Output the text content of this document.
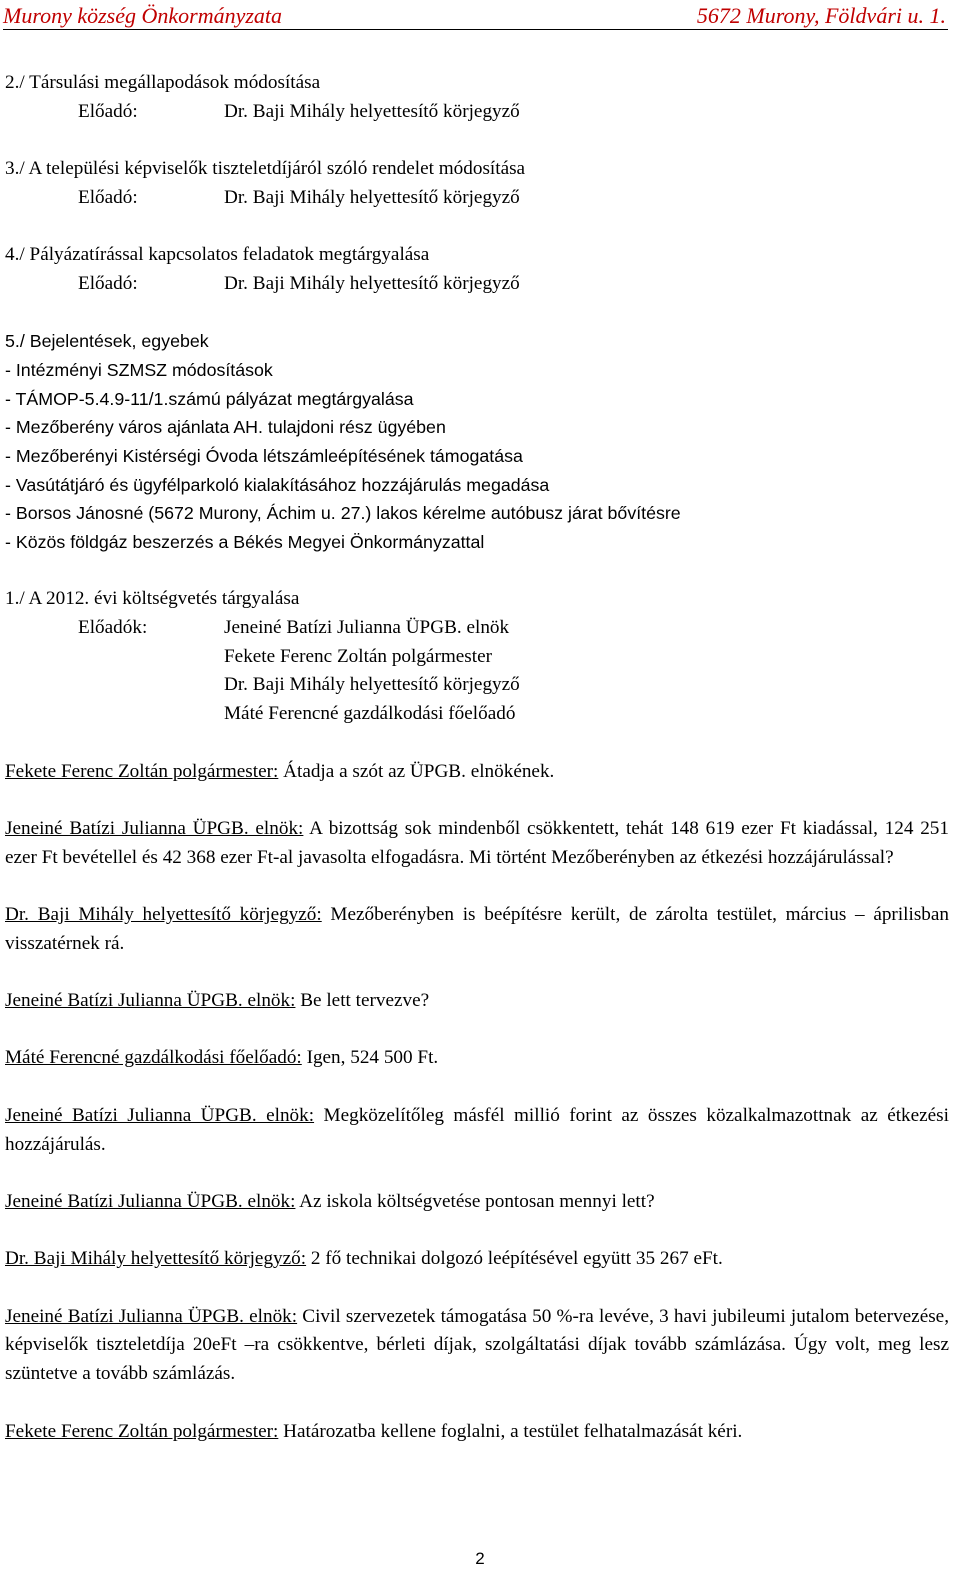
Murony község Önkormányzata	5672 Murony, Földvári u. 1.
2./ Társulási megállapodások módosítása
Előadó:	Dr. Baji Mihály helyettesítő körjegyző
3./ A települési képviselők tiszteletdíjáról szóló rendelet módosítása
Előadó:	Dr. Baji Mihály helyettesítő körjegyző
4./ Pályázatírással kapcsolatos feladatok megtárgyalása
Előadó:	Dr. Baji Mihály helyettesítő körjegyző
5./ Bejelentések, egyebek
- Intézményi SZMSZ módosítások
- TÁMOP-5.4.9-11/1.számú pályázat megtárgyalása
- Mezőberény város ajánlata AH. tulajdoni rész ügyében
- Mezőberényi Kistérségi Óvoda létszámleépítésének támogatása
- Vasútátjáró és ügyfélparkoló kialakításához hozzájárulás megadása
- Borsos Jánosné (5672 Murony, Áchim u. 27.) lakos kérelme autóbusz járat bővítésre
- Közös földgáz beszerzés a Békés Megyei Önkormányzattal
1./ A 2012. évi költségvetés tárgyalása
Előadók:	Jeneiné Batízi Julianna ÜPGB. elnök
Fekete Ferenc Zoltán polgármester
Dr. Baji Mihály helyettesítő körjegyző
Máté Ferencné gazdálkodási főelőadó
Fekete Ferenc Zoltán polgármester: Átadja a szót az ÜPGB. elnökének.
Jeneiné Batízi Julianna ÜPGB. elnök: A bizottság sok mindenből csökkentett, tehát 148 619 ezer Ft kiadással, 124 251 ezer Ft bevétellel és 42 368 ezer Ft-al javasolta elfogadásra. Mi történt Mezőberényben az étkezési hozzájárulással?
Dr. Baji Mihály helyettesítő körjegyző: Mezőberényben is beépítésre került, de zárolta testület, március – áprilisban visszatérnek rá.
Jeneiné Batízi Julianna ÜPGB. elnök: Be lett tervezve?
Máté Ferencné gazdálkodási főelőadó: Igen, 524 500 Ft.
Jeneiné Batízi Julianna ÜPGB. elnök: Megközelítőleg másfél millió forint az összes közalkalmazottnak az étkezési hozzájárulás.
Jeneiné Batízi Julianna ÜPGB. elnök: Az iskola költségvetése pontosan mennyi lett?
Dr. Baji Mihály helyettesítő körjegyző: 2 fő technikai dolgozó leépítésével együtt 35 267 eFt.
Jeneiné Batízi Julianna ÜPGB. elnök: Civil szervezetek támogatása 50 %-ra levéve, 3 havi jubileumi jutalom betervezése, képviselők tiszteletdíja 20eFt –ra csökkentve, bérleti díjak, szolgáltatási díjak tovább számlázása. Úgy volt, meg lesz szüntetve a tovább számlázás.
Fekete Ferenc Zoltán polgármester: Határozatba kellene foglalni, a testület felhatalmazását kéri.
2
